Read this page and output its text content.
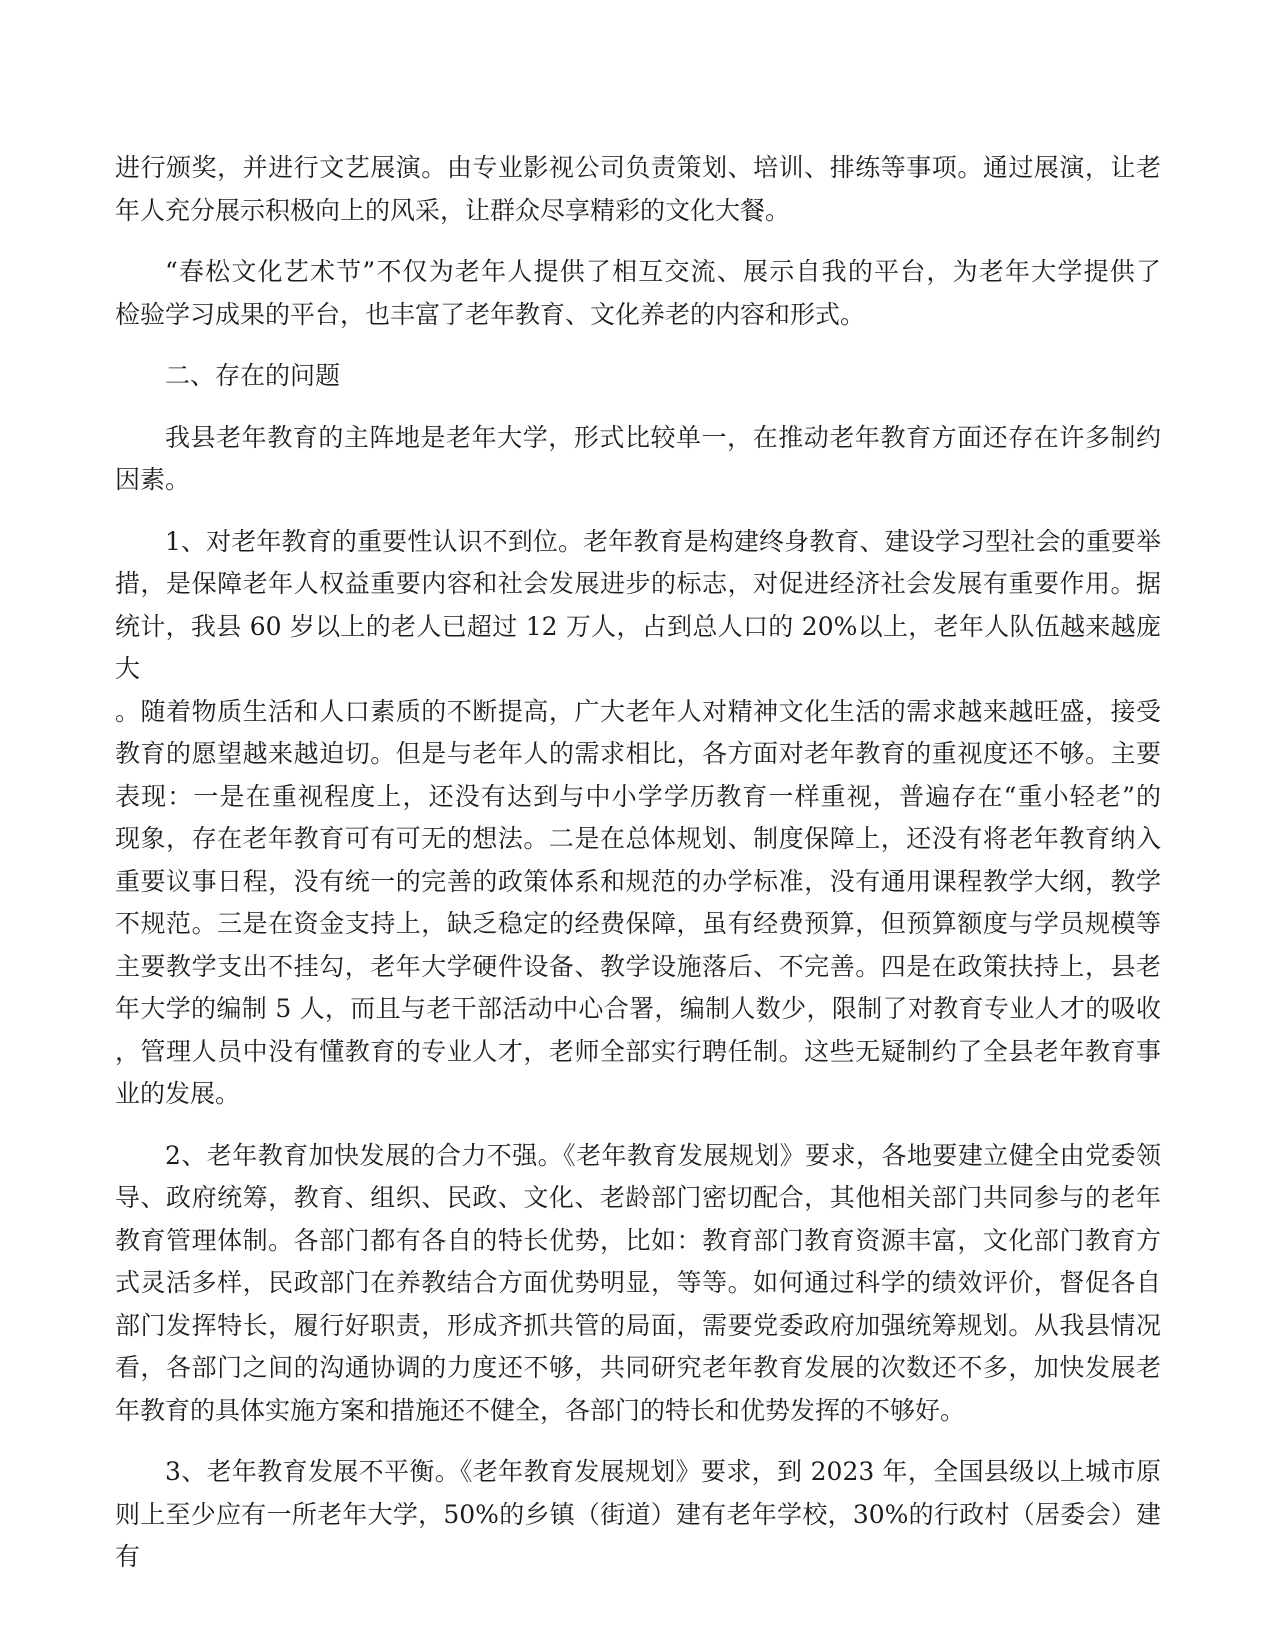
进行颁奖，并进行文艺展演。由专业影视公司负责策划、培训、排练等事项。通过展演，让老
年人充分展示积极向上的风采，让群众尽享精彩的文化大餐。
“春松文化艺术节”不仅为老年人提供了相互交流、展示自我的平台，为老年大学提供了
检验学习成果的平台，也丰富了老年教育、文化养老的内容和形式。
二、存在的问题
我县老年教育的主阵地是老年大学，形式比较单一，在推动老年教育方面还存在许多制约
因素。
1、对老年教育的重要性认识不到位。老年教育是构建终身教育、建设学习型社会的重要举
措，是保障老年人权益重要内容和社会发展进步的标志，对促进经济社会发展有重要作用。据
统计，我县 60 岁以上的老人已超过 12 万人，占到总人口的 20%以上，老年人队伍越来越庞大
。随着物质生活和人口素质的不断提高，广大老年人对精神文化生活的需求越来越旺盛，接受
教育的愿望越来越迫切。但是与老年人的需求相比，各方面对老年教育的重视度还不够。主要
表现：一是在重视程度上，还没有达到与中小学学历教育一样重视，普遍存在“重小轻老”的
现象，存在老年教育可有可无的想法。二是在总体规划、制度保障上，还没有将老年教育纳入
重要议事日程，没有统一的完善的政策体系和规范的办学标准，没有通用课程教学大纲，教学
不规范。三是在资金支持上，缺乏稳定的经费保障，虽有经费预算，但预算额度与学员规模等
主要教学支出不挂勾，老年大学硬件设备、教学设施落后、不完善。四是在政策扶持上，县老
年大学的编制 5 人，而且与老干部活动中心合署，编制人数少，限制了对教育专业人才的吸收
，管理人员中没有懂教育的专业人才，老师全部实行聘任制。这些无疑制约了全县老年教育事
业的发展。
2、老年教育加快发展的合力不强。《老年教育发展规划》要求，各地要建立健全由党委领
导、政府统筹，教育、组织、民政、文化、老龄部门密切配合，其他相关部门共同参与的老年
教育管理体制。各部门都有各自的特长优势，比如：教育部门教育资源丰富，文化部门教育方
式灵活多样，民政部门在养教结合方面优势明显，等等。如何通过科学的绩效评价，督促各自
部门发挥特长，履行好职责，形成齐抓共管的局面，需要党委政府加强统筹规划。从我县情况
看，各部门之间的沟通协调的力度还不够，共同研究老年教育发展的次数还不多，加快发展老
年教育的具体实施方案和措施还不健全，各部门的特长和优势发挥的不够好。
3、老年教育发展不平衡。《老年教育发展规划》要求，到 2023 年，全国县级以上城市原
则上至少应有一所老年大学，50%的乡镇（街道）建有老年学校，30%的行政村（居委会）建有
